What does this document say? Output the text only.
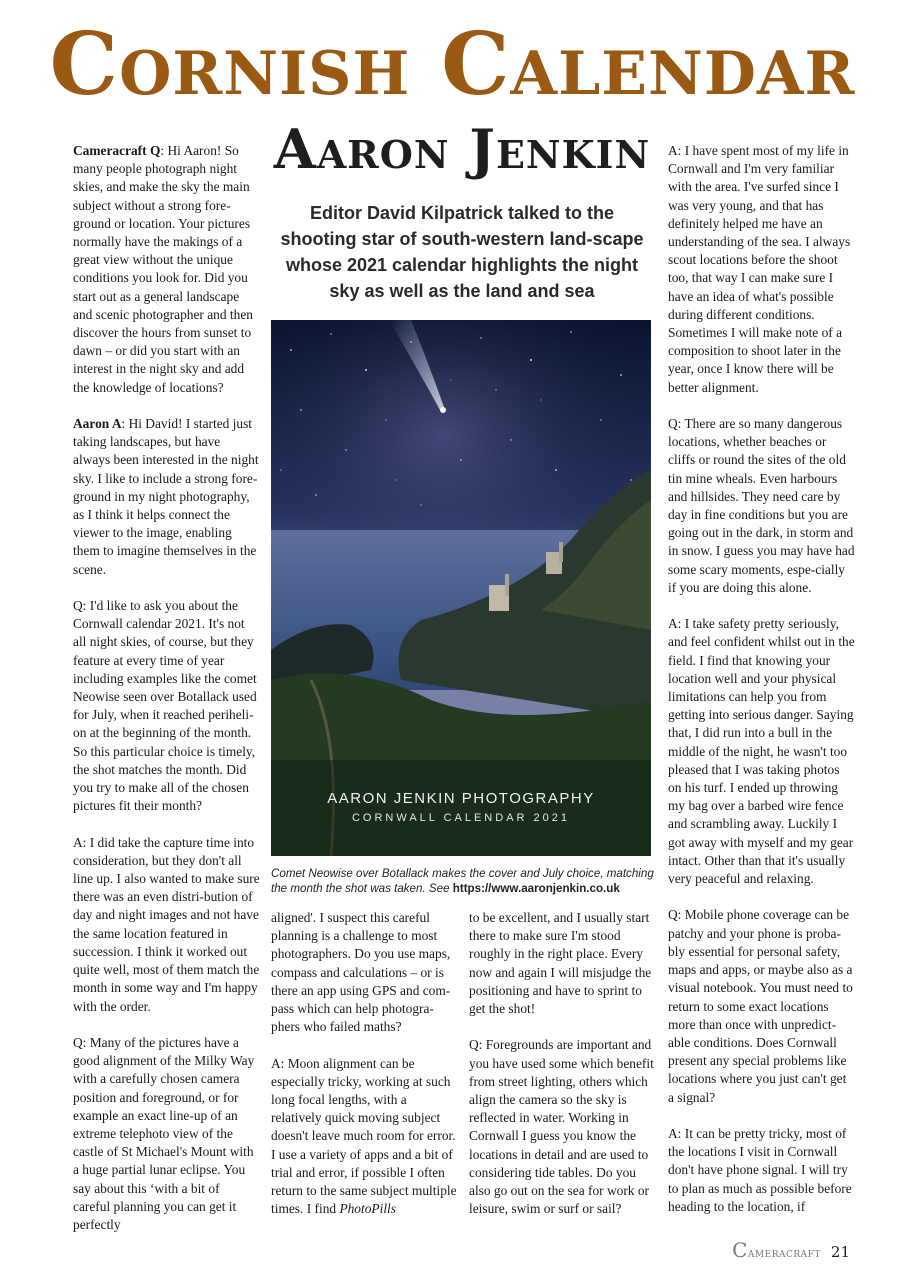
Cornish Calendar
Aaron Jenkin

Editor David Kilpatrick talked to the shooting star of south-western land-scape whose 2021 calendar highlights the night sky as well as the land and sea

Cameracraft Q: Hi Aaron! So many people photograph night skies, and make the sky the main subject without a strong fore-ground or location. Your pictures normally have the makings of a great view without the unique conditions you look for. Did you start out as a general landscape and scenic photographer and then discover the hours from sunset to dawn – or did you start with an interest in the night sky and add the knowledge of locations?

Aaron A: Hi David! I started just taking landscapes, but have always been interested in the night sky. I like to include a strong fore-ground in my night photography, as I think it helps connect the viewer to the image, enabling them to imagine themselves in the scene.

Q: I'd like to ask you about the Cornwall calendar 2021. It's not all night skies, of course, but they feature at every time of year including examples like the comet Neowise seen over Botallack used for July, when it reached periheli-on at the beginning of the month. So this particular choice is timely, the shot matches the month. Did you try to make all of the chosen pictures fit their month?

A: I did take the capture time into consideration, but they don't all line up. I also wanted to make sure there was an even distri-bution of day and night images and not have the same location featured in succession. I think it worked out quite well, most of them match the month in some way and I'm happy with the order.

Q: Many of the pictures have a good alignment of the Milky Way with a carefully chosen camera position and foreground, or for example an exact line-up of an extreme telephoto view of the castle of St Michael's Mount with a huge partial lunar eclipse. You say about this ‘with a bit of careful planning you can get it perfectly

AARON JENKIN PHOTOGRAPHY
CORNWALL CALENDAR 2021
Comet Neowise over Botallack makes the cover and July choice, matching the month the shot was taken. See https://www.aaronjenkin.co.uk

aligned'. I suspect this careful planning is a challenge to most photographers. Do you use maps, compass and calculations – or is there an app using GPS and com-pass which can help photogra-phers who failed maths?

A: Moon alignment can be especially tricky, working at such long focal lengths, with a relatively quick moving subject doesn't leave much room for error. I use a variety of apps and a bit of trial and error, if possible I often return to the same subject multiple times. I find PhotoPills

to be excellent, and I usually start there to make sure I'm stood roughly in the right place. Every now and again I will misjudge the positioning and have to sprint to get the shot!

Q: Foregrounds are important and you have used some which benefit from street lighting, others which align the camera so the sky is reflected in water. Working in Cornwall I guess you know the locations in detail and are used to considering tide tables. Do you also go out on the sea for work or leisure, swim or surf or sail?

A: I have spent most of my life in Cornwall and I'm very familiar with the area. I've surfed since I was very young, and that has definitely helped me have an understanding of the sea. I always scout locations before the shoot too, that way I can make sure I have an idea of what's possible during different conditions. Sometimes I will make note of a composition to shoot later in the year, once I know there will be better alignment.

Q: There are so many dangerous locations, whether beaches or cliffs or round the sites of the old tin mine wheals. Even harbours and hillsides. They need care by day in fine conditions but you are going out in the dark, in storm and in snow. I guess you may have had some scary moments, espe-cially if you are doing this alone.

A: I take safety pretty seriously, and feel confident whilst out in the field. I find that knowing your location well and your physical limitations can help you from getting into serious danger. Saying that, I did run into a bull in the middle of the night, he wasn't too pleased that I was taking photos on his turf. I ended up throwing my bag over a barbed wire fence and scrambling away. Luckily I got away with myself and my gear intact. Other than that it's usually very peaceful and relaxing.

Q: Mobile phone coverage can be patchy and your phone is proba-bly essential for personal safety, maps and apps, or maybe also as a visual notebook. You must need to return to some exact locations more than once with unpredict-able conditions. Does Cornwall present any special problems like locations where you just can't get a signal?

A: It can be pretty tricky, most of the locations I visit in Cornwall don't have phone signal. I will try to plan as much as possible before heading to the location, if

Cameracraft 21
